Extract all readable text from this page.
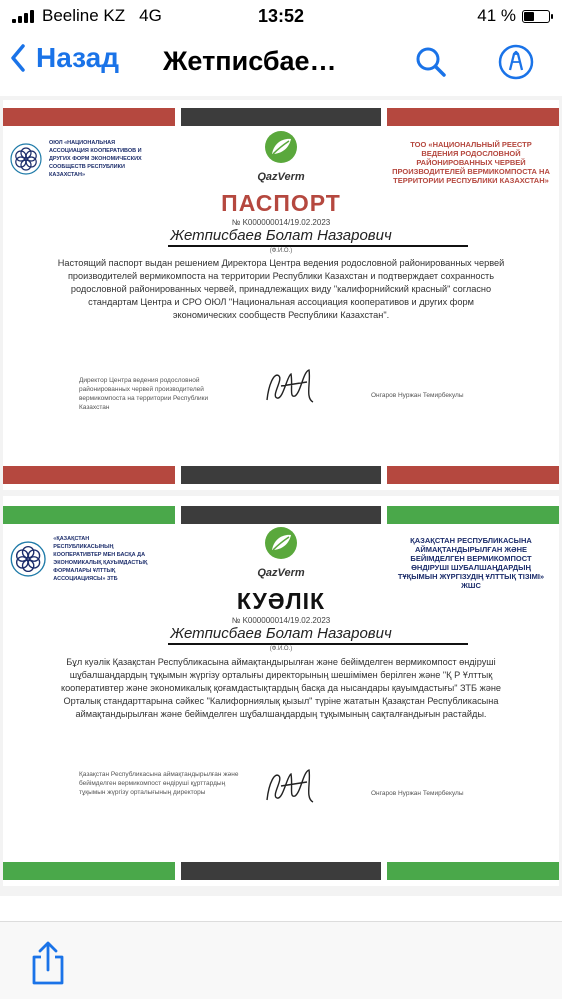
Beeline KZ 4G	13:52	41 %
Назад Жетписбае…
ОЮЛ «НАЦИОНАЛЬНАЯ АССОЦИАЦИЯ КООПЕРАТИВОВ И ДРУГИХ ФОРМ ЭКОНОМИЧЕСКИХ СООБЩЕСТВ РЕСПУБЛИКИ КАЗАХСТАН»	QazVerm
ТОО «НАЦИОНАЛЬНЫЙ РЕЕСТР ВЕДЕНИЯ РОДОСЛОВНОЙ РАЙОНИРОВАННЫХ ЧЕРВЕЙ ПРОИЗВОДИТЕЛЕЙ ВЕРМИКОМПОСТА НА ТЕРРИТОРИИ РЕСПУБЛИКИ КАЗАХСТАН»
ПАСПОРТ
№ K000000014/19.02.2023
Жетписбаев Болат Назарович
(Ф.И.О.)
Настоящий паспорт выдан решением Директора Центра ведения родословной районированных червей производителей вермикомпоста на территории Республики Казахстан и подтверждает сохранность родословной районированных червей, принадлежащих виду "калифорнийский красный" согласно стандартам Центра и СРО ОЮЛ "Национальная ассоциация кооперативов и других форм экономических сообществ Республики Казахстан".
Директор Центра ведения родословной районированных червей производителей вермикомпоста на территории Республики Казахстан
Онгаров Нуржан Темирбекулы
«ҚАЗАҚСТАН РЕСПУБЛИКАСЫНЫҢ КООПЕРАТИВТЕР МЕН БАСҚА ДА ЭКОНОМИКАЛЫҚ ҚАУЫМДАСТЫҚ ФОРМАЛАРЫ ҰЛТТЫҚ АССОЦИАЦИЯСЫ» ЗТБ	QazVerm
ҚАЗАҚСТАН РЕСПУБЛИКАСЫНА АЙМАҚТАНДЫРЫЛҒАН ЖӘНЕ БЕЙІМДЕЛГЕН ВЕРМИКОМПОСТ ӨНДІРУШІ ШУБАЛШАҢДАРДЫҢ ТҰҚЫМЫН ЖҮРГІЗУДІҢ ҰЛТТЫҚ ТІЗІМІ» ЖШС
КУӘЛІК
№ K000000014/19.02.2023
Жетписбаев Болат Назарович
(Ф.И.О.)
Бұл куәлік Қазақстан Республикасына аймақтандырылған және бейімделген вермикомпост өндіруші шұбалшаңдардың тұқымын жүргізу орталығы директорының шешімімен берілген және "Қ Р Ұлттық кооперативтер және экономикалық қоғамдастықтардың басқа да нысандары қауымдастығы" ЗТБ және Орталық стандарттарына сәйкес "Калифорниялық қызыл" түріне жататын Қазақстан Республикасына аймақтандырылған және бейімделген шұбалшаңдардың тұқымының сақталғандығын растайды.
Қазақстан Республикасына аймақтандырылған және бейімделген вермикомпост өндіруші құрттардың тұқымын жүргізу орталығының директоры	Онгаров Нуржан Темирбекулы
